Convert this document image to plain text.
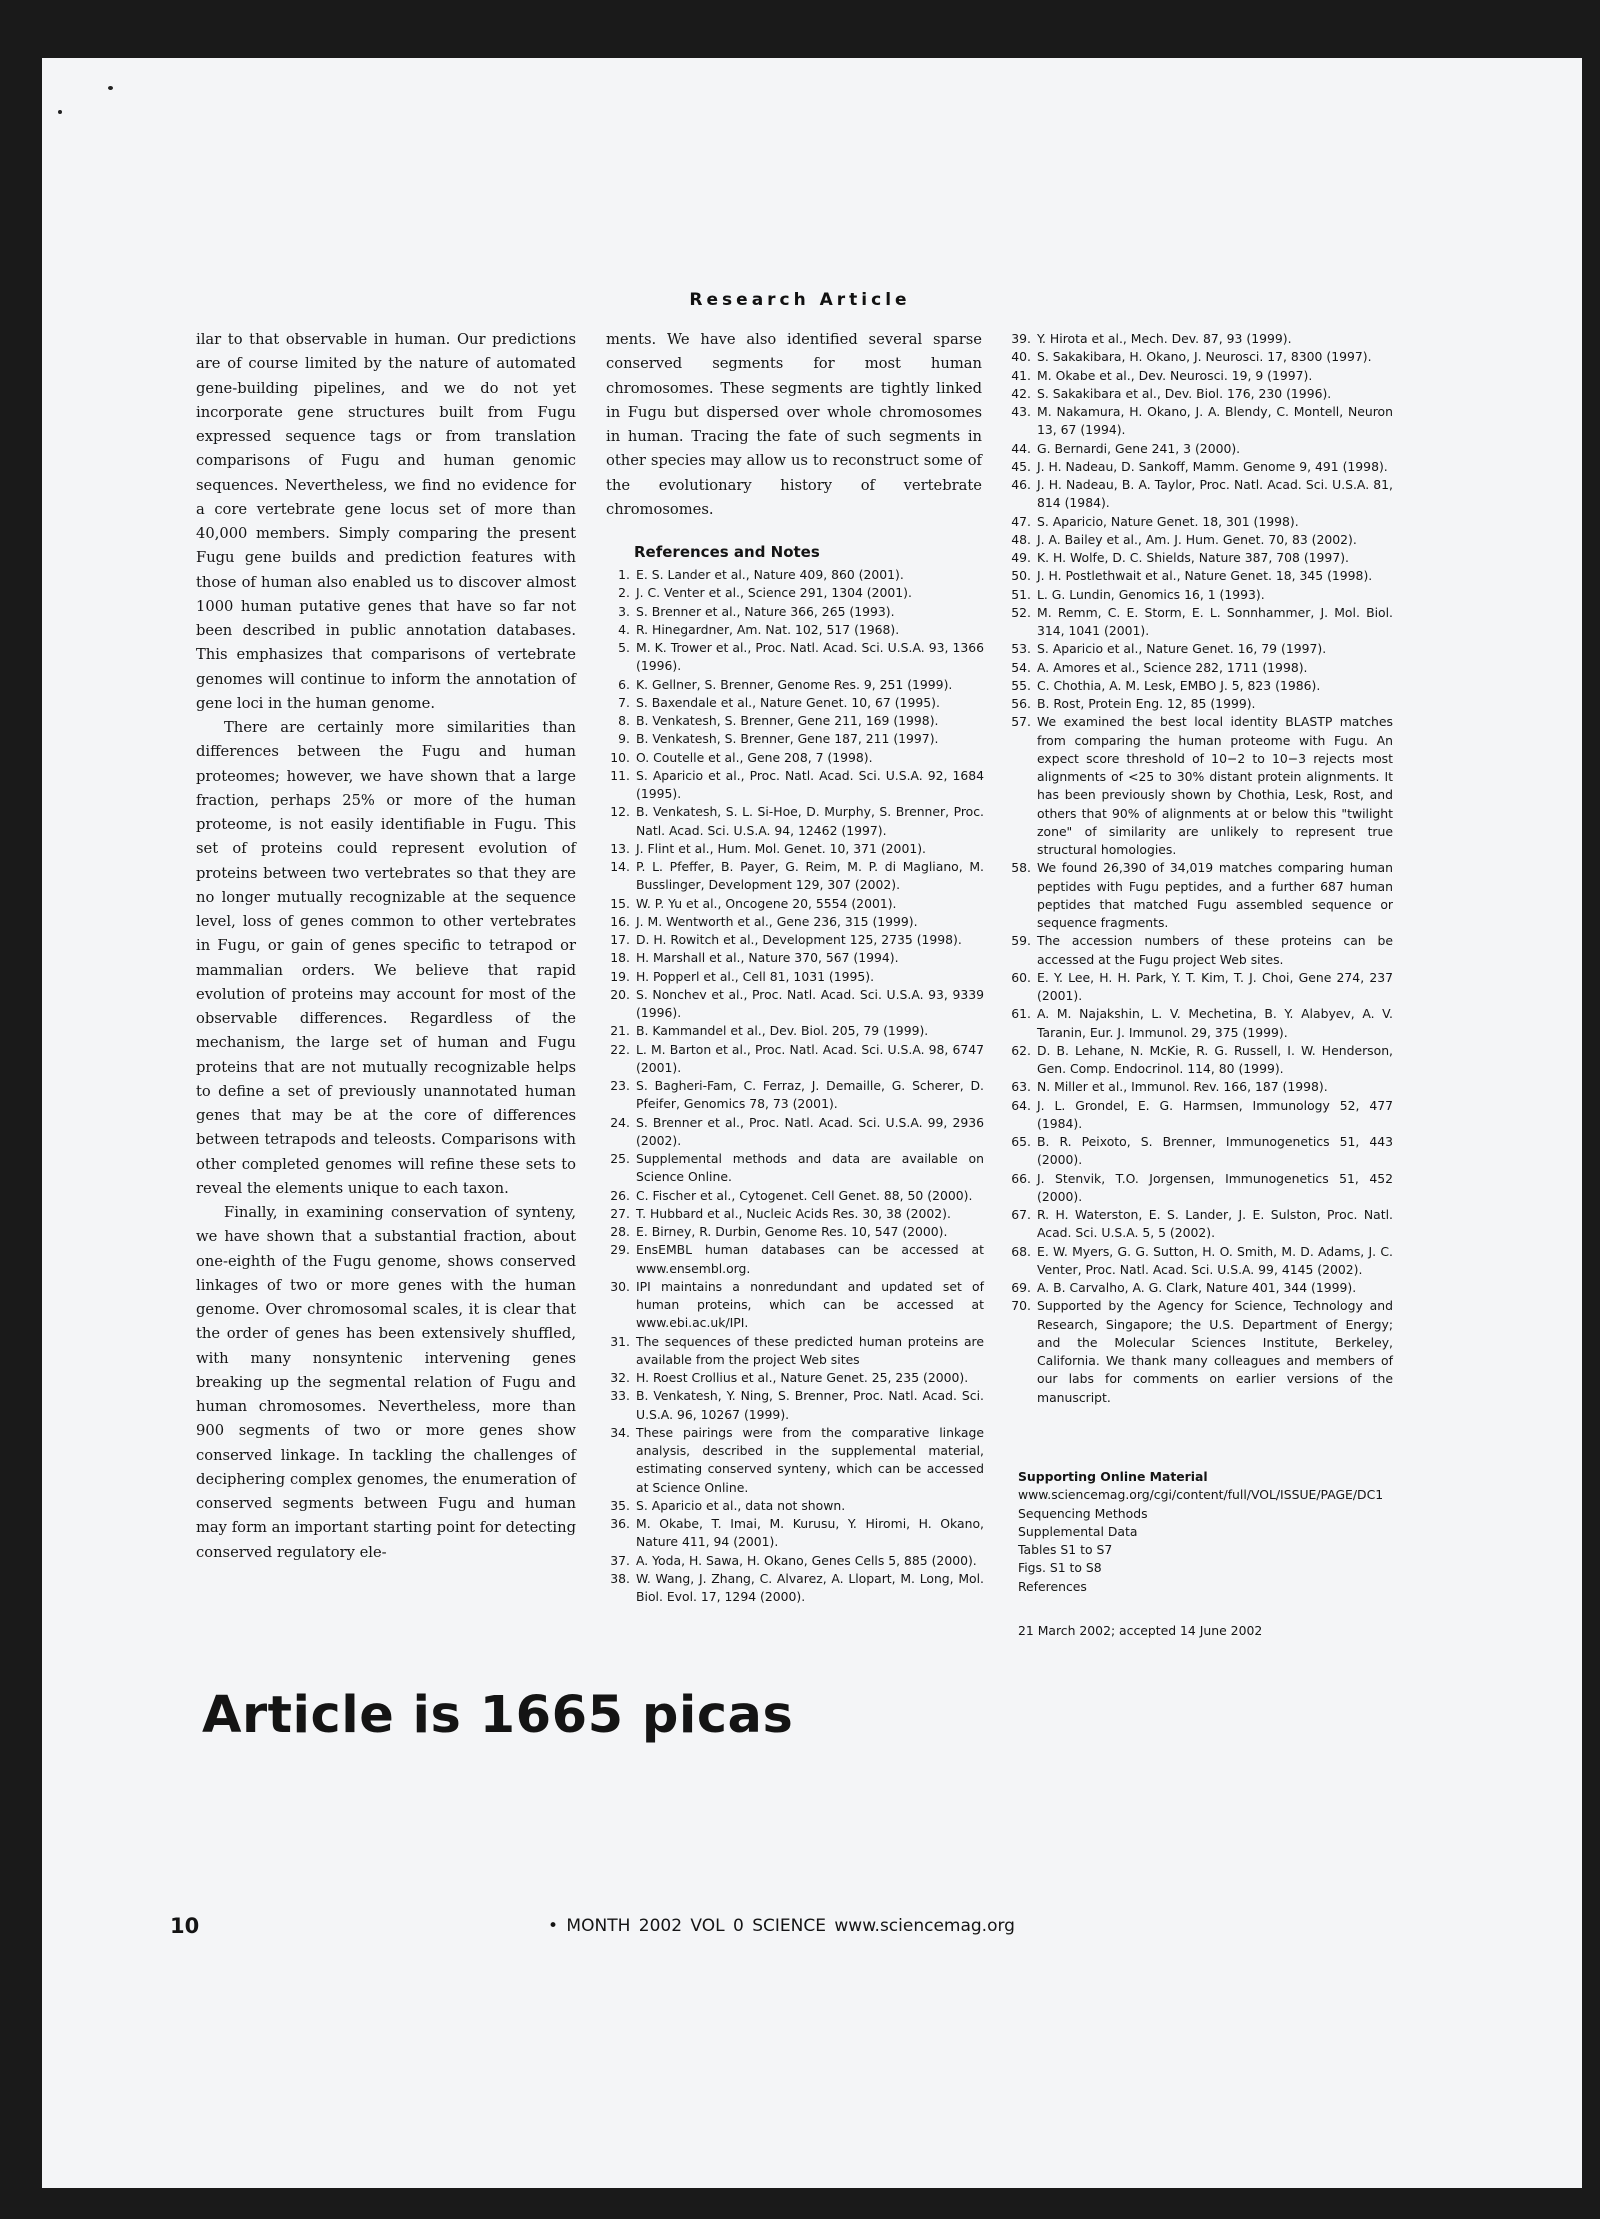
Research Article

ilar to that observable in human. Our predictions are of course limited by the nature of automated gene-building pipelines, and we do not yet incorporate gene structures built from Fugu expressed sequence tags or from translation comparisons of Fugu and human genomic sequences. Nevertheless, we find no evidence for a core vertebrate gene locus set of more than 40,000 members. Simply comparing the present Fugu gene builds and prediction features with those of human also enabled us to discover almost 1000 human putative genes that have so far not been described in public annotation databases. This emphasizes that comparisons of vertebrate genomes will continue to inform the annotation of gene loci in the human genome.

There are certainly more similarities than differences between the Fugu and human proteomes; however, we have shown that a large fraction, perhaps 25% or more of the human proteome, is not easily identifiable in Fugu. This set of proteins could represent evolution of proteins between two vertebrates so that they are no longer mutually recognizable at the sequence level, loss of genes common to other vertebrates in Fugu, or gain of genes specific to tetrapod or mammalian orders. We believe that rapid evolution of proteins may account for most of the observable differences. Regardless of the mechanism, the large set of human and Fugu proteins that are not mutually recognizable helps to define a set of previously unannotated human genes that may be at the core of differences between tetrapods and teleosts. Comparisons with other completed genomes will refine these sets to reveal the elements unique to each taxon.

Finally, in examining conservation of synteny, we have shown that a substantial fraction, about one-eighth of the Fugu genome, shows conserved linkages of two or more genes with the human genome. Over chromosomal scales, it is clear that the order of genes has been extensively shuffled, with many nonsyntenic intervening genes breaking up the segmental relation of Fugu and human chromosomes. Nevertheless, more than 900 segments of two or more genes show conserved linkage. In tackling the challenges of deciphering complex genomes, the enumeration of conserved segments between Fugu and human may form an important starting point for detecting conserved regulatory ele-

ments. We have also identified several sparse conserved segments for most human chromosomes. These segments are tightly linked in Fugu but dispersed over whole chromosomes in human. Tracing the fate of such segments in other species may allow us to reconstruct some of the evolutionary history of vertebrate chromosomes.

References and Notes
1. E. S. Lander et al., Nature 409, 860 (2001).
2. J. C. Venter et al., Science 291, 1304 (2001).
3. S. Brenner et al., Nature 366, 265 (1993).
4. R. Hinegardner, Am. Nat. 102, 517 (1968).
5. M. K. Trower et al., Proc. Natl. Acad. Sci. U.S.A. 93, 1366 (1996).
6. K. Gellner, S. Brenner, Genome Res. 9, 251 (1999).
7. S. Baxendale et al., Nature Genet. 10, 67 (1995).
8. B. Venkatesh, S. Brenner, Gene 211, 169 (1998).
9. B. Venkatesh, S. Brenner, Gene 187, 211 (1997).
10. O. Coutelle et al., Gene 208, 7 (1998).
11. S. Aparicio et al., Proc. Natl. Acad. Sci. U.S.A. 92, 1684 (1995).
12. B. Venkatesh, S. L. Si-Hoe, D. Murphy, S. Brenner, Proc. Natl. Acad. Sci. U.S.A. 94, 12462 (1997).
13. J. Flint et al., Hum. Mol. Genet. 10, 371 (2001).
14. P. L. Pfeffer, B. Payer, G. Reim, M. P. di Magliano, M. Busslinger, Development 129, 307 (2002).
15. W. P. Yu et al., Oncogene 20, 5554 (2001).
16. J. M. Wentworth et al., Gene 236, 315 (1999).
17. D. H. Rowitch et al., Development 125, 2735 (1998).
18. H. Marshall et al., Nature 370, 567 (1994).
19. H. Popperl et al., Cell 81, 1031 (1995).
20. S. Nonchev et al., Proc. Natl. Acad. Sci. U.S.A. 93, 9339 (1996).
21. B. Kammandel et al., Dev. Biol. 205, 79 (1999).
22. L. M. Barton et al., Proc. Natl. Acad. Sci. U.S.A. 98, 6747 (2001).
23. S. Bagheri-Fam, C. Ferraz, J. Demaille, G. Scherer, D. Pfeifer, Genomics 78, 73 (2001).
24. S. Brenner et al., Proc. Natl. Acad. Sci. U.S.A. 99, 2936 (2002).
25. Supplemental methods and data are available on Science Online.
26. C. Fischer et al., Cytogenet. Cell Genet. 88, 50 (2000).
27. T. Hubbard et al., Nucleic Acids Res. 30, 38 (2002).
28. E. Birney, R. Durbin, Genome Res. 10, 547 (2000).
29. EnsEMBL human databases can be accessed at www.ensembl.org.
30. IPI maintains a nonredundant and updated set of human proteins, which can be accessed at www.ebi.ac.uk/IPI.
31. The sequences of these predicted human proteins are available from the project Web sites
32. H. Roest Crollius et al., Nature Genet. 25, 235 (2000).
33. B. Venkatesh, Y. Ning, S. Brenner, Proc. Natl. Acad. Sci. U.S.A. 96, 10267 (1999).
34. These pairings were from the comparative linkage analysis, described in the supplemental material, estimating conserved synteny, which can be accessed at Science Online.
35. S. Aparicio et al., data not shown.
36. M. Okabe, T. Imai, M. Kurusu, Y. Hiromi, H. Okano, Nature 411, 94 (2001).
37. A. Yoda, H. Sawa, H. Okano, Genes Cells 5, 885 (2000).
38. W. Wang, J. Zhang, C. Alvarez, A. Llopart, M. Long, Mol. Biol. Evol. 17, 1294 (2000).
39. Y. Hirota et al., Mech. Dev. 87, 93 (1999).
40. S. Sakakibara, H. Okano, J. Neurosci. 17, 8300 (1997).
41. M. Okabe et al., Dev. Neurosci. 19, 9 (1997).
42. S. Sakakibara et al., Dev. Biol. 176, 230 (1996).
43. M. Nakamura, H. Okano, J. A. Blendy, C. Montell, Neuron 13, 67 (1994).
44. G. Bernardi, Gene 241, 3 (2000).
45. J. H. Nadeau, D. Sankoff, Mamm. Genome 9, 491 (1998).
46. J. H. Nadeau, B. A. Taylor, Proc. Natl. Acad. Sci. U.S.A. 81, 814 (1984).
47. S. Aparicio, Nature Genet. 18, 301 (1998).
48. J. A. Bailey et al., Am. J. Hum. Genet. 70, 83 (2002).
49. K. H. Wolfe, D. C. Shields, Nature 387, 708 (1997).
50. J. H. Postlethwait et al., Nature Genet. 18, 345 (1998).
51. L. G. Lundin, Genomics 16, 1 (1993).
52. M. Remm, C. E. Storm, E. L. Sonnhammer, J. Mol. Biol. 314, 1041 (2001).
53. S. Aparicio et al., Nature Genet. 16, 79 (1997).
54. A. Amores et al., Science 282, 1711 (1998).
55. C. Chothia, A. M. Lesk, EMBO J. 5, 823 (1986).
56. B. Rost, Protein Eng. 12, 85 (1999).
57. We examined the best local identity BLASTP matches from comparing the human proteome with Fugu. An expect score threshold of 10−2 to 10−3 rejects most alignments of <25 to 30% distant protein alignments. It has been previously shown by Chothia, Lesk, Rost, and others that 90% of alignments at or below this "twilight zone" of similarity are unlikely to represent true structural homologies.
58. We found 26,390 of 34,019 matches comparing human peptides with Fugu peptides, and a further 687 human peptides that matched Fugu assembled sequence or sequence fragments.
59. The accession numbers of these proteins can be accessed at the Fugu project Web sites.
60. E. Y. Lee, H. H. Park, Y. T. Kim, T. J. Choi, Gene 274, 237 (2001).
61. A. M. Najakshin, L. V. Mechetina, B. Y. Alabyev, A. V. Taranin, Eur. J. Immunol. 29, 375 (1999).
62. D. B. Lehane, N. McKie, R. G. Russell, I. W. Henderson, Gen. Comp. Endocrinol. 114, 80 (1999).
63. N. Miller et al., Immunol. Rev. 166, 187 (1998).
64. J. L. Grondel, E. G. Harmsen, Immunology 52, 477 (1984).
65. B. R. Peixoto, S. Brenner, Immunogenetics 51, 443 (2000).
66. J. Stenvik, T.O. Jorgensen, Immunogenetics 51, 452 (2000).
67. R. H. Waterston, E. S. Lander, J. E. Sulston, Proc. Natl. Acad. Sci. U.S.A. 5, 5 (2002).
68. E. W. Myers, G. G. Sutton, H. O. Smith, M. D. Adams, J. C. Venter, Proc. Natl. Acad. Sci. U.S.A. 99, 4145 (2002).
69. A. B. Carvalho, A. G. Clark, Nature 401, 344 (1999).
70. Supported by the Agency for Science, Technology and Research, Singapore; the U.S. Department of Energy; and the Molecular Sciences Institute, Berkeley, California. We thank many colleagues and members of our labs for comments on earlier versions of the manuscript.
Supporting Online Material
www.sciencemag.org/cgi/content/full/VOL/ISSUE/PAGE/DC1
Sequencing Methods
Supplemental Data
Tables S1 to S7
Figs. S1 to S8
References
21 March 2002; accepted 14 June 2002
Article is 1665 picas
10	• MONTH 2002 VOL 0 SCIENCE www.sciencemag.org
